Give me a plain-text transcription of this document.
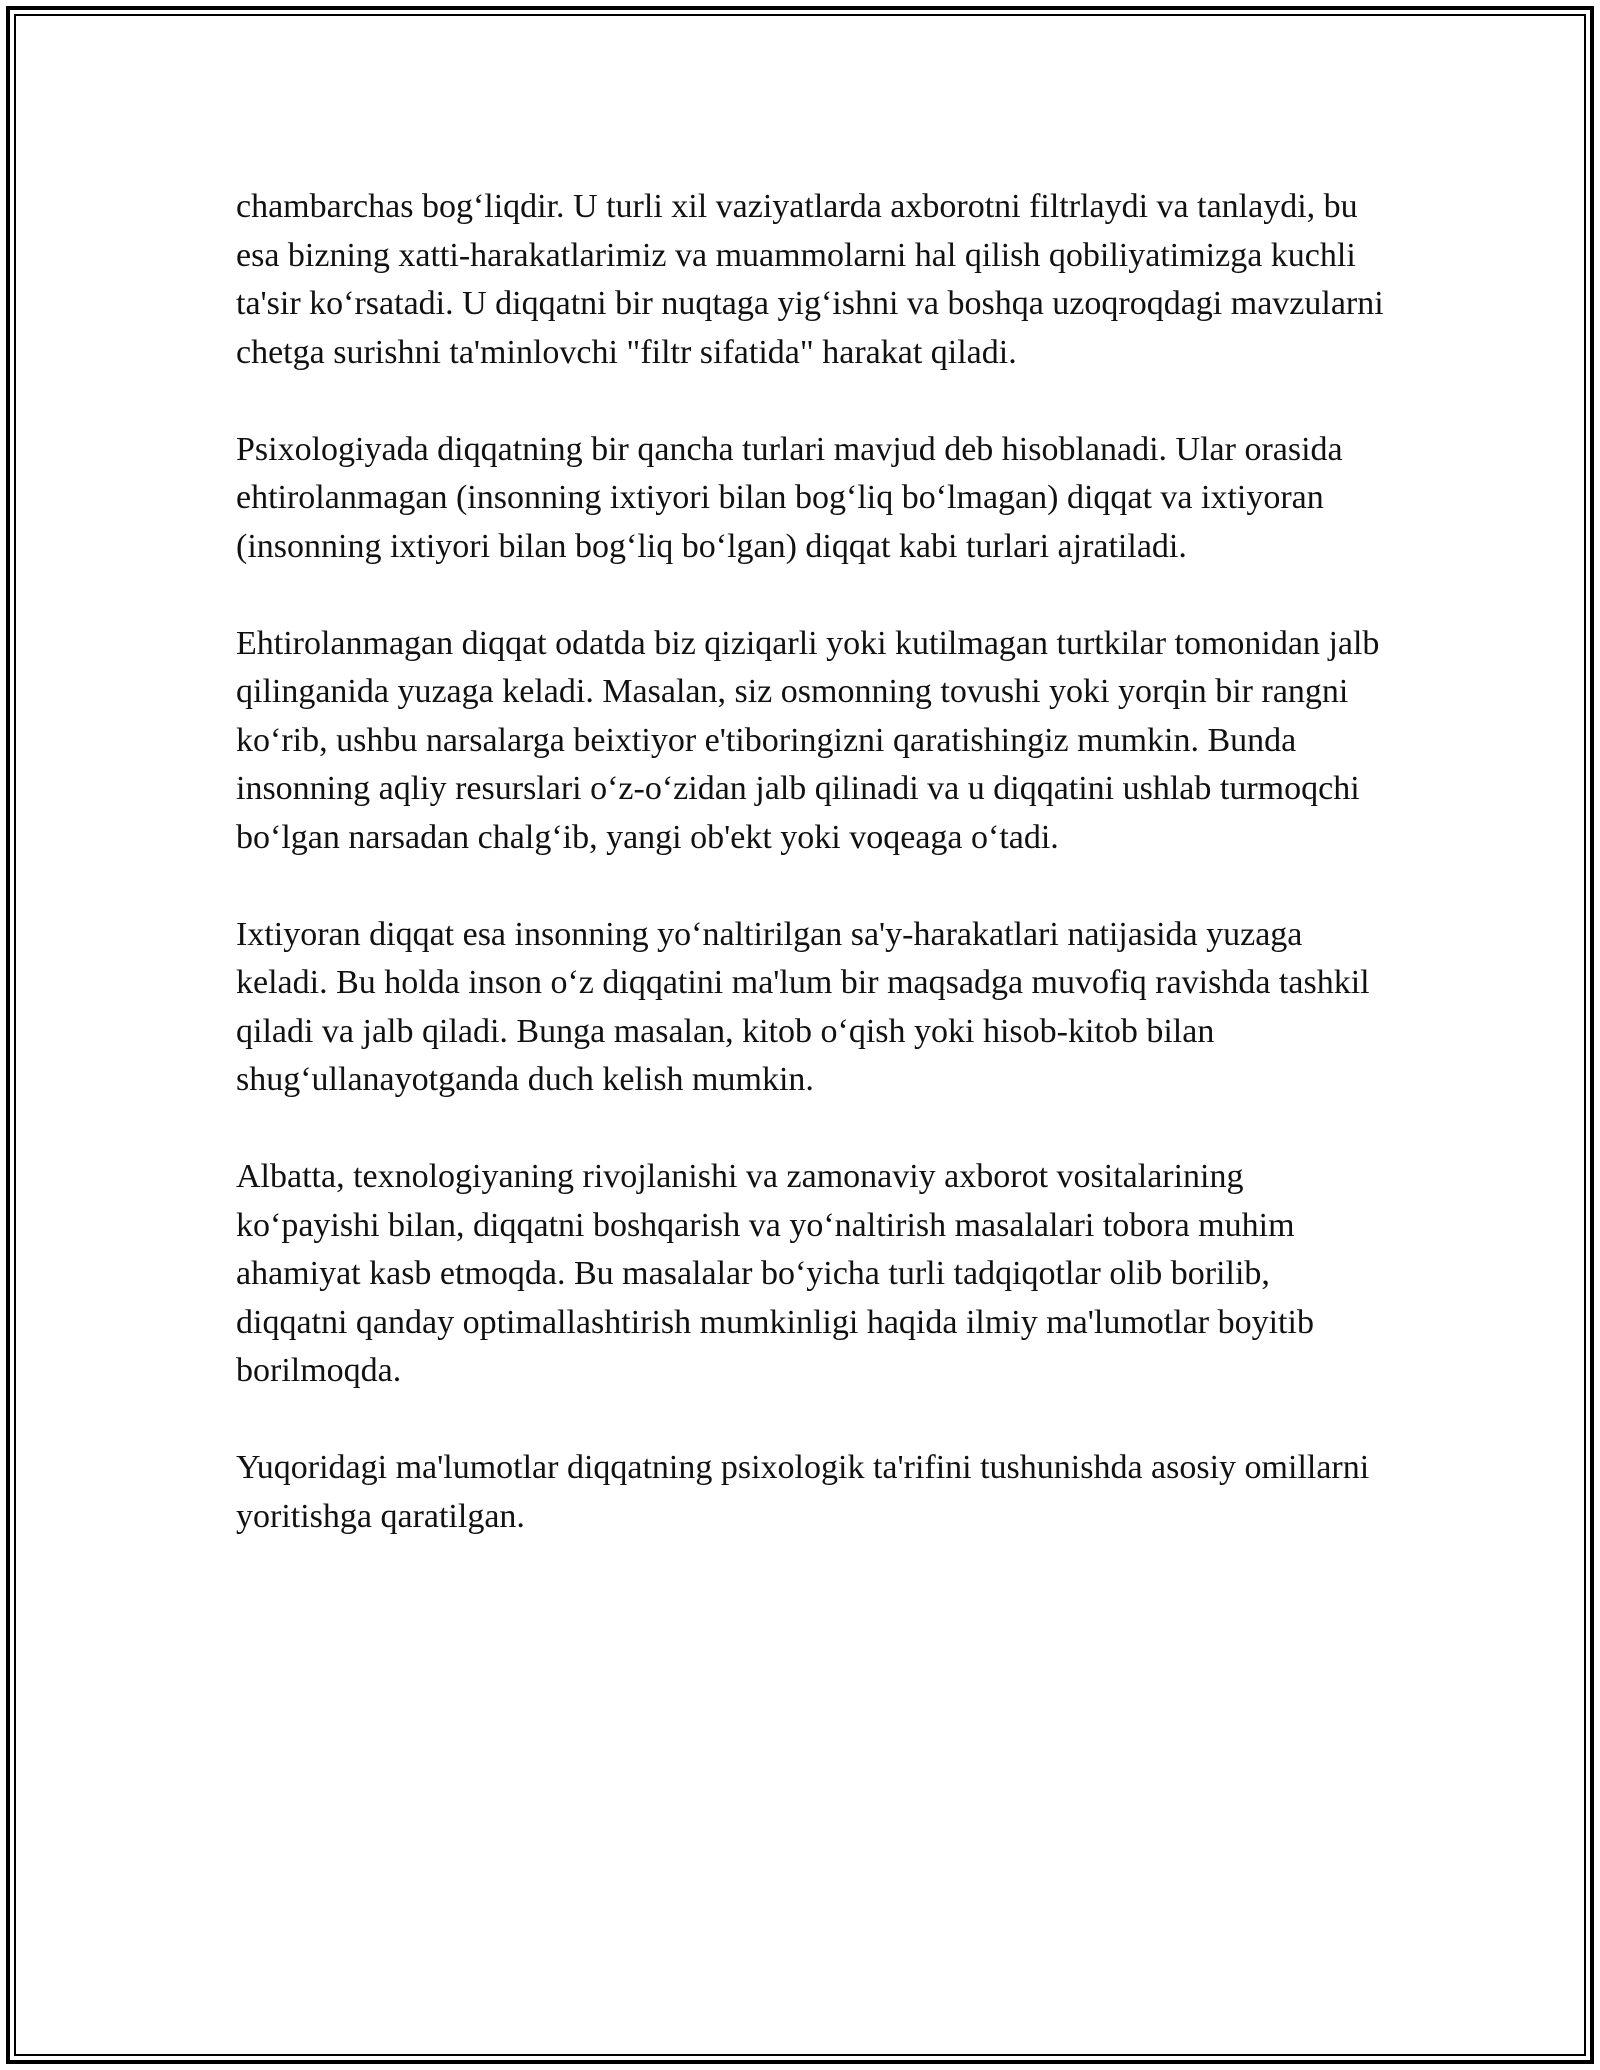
chambarchas bog‘liqdir. U turli xil vaziyatlarda axborotni filtrlaydi va tanlaydi, bu esa bizning xatti-harakatlarimiz va muammolarni hal qilish qobiliyatimizga kuchli ta'sir ko‘rsatadi. U diqqatni bir nuqtaga yig‘ishni va boshqa uzoqroqdagi mavzularni chetga surishni ta'minlovchi "filtr sifatida" harakat qiladi.

Psixologiyada diqqatning bir qancha turlari mavjud deb hisoblanadi. Ular orasida ehtirolanmagan (insonning ixtiyori bilan bog‘liq bo‘lmagan) diqqat va ixtiyoran (insonning ixtiyori bilan bog‘liq bo‘lgan) diqqat kabi turlari ajratiladi.

Ehtirolanmagan diqqat odatda biz qiziqarli yoki kutilmagan turtkilar tomonidan jalb qilinganida yuzaga keladi. Masalan, siz osmonning tovushi yoki yorqin bir rangni ko‘rib, ushbu narsalarga beixtiyor e'tiboringizni qaratishingiz mumkin. Bunda insonning aqliy resurslari o‘z-o‘zidan jalb qilinadi va u diqqatini ushlab turmoqchi bo‘lgan narsadan chalg‘ib, yangi ob'ekt yoki voqeaga o‘tadi.

Ixtiyoran diqqat esa insonning yo‘naltirilgan sa'y-harakatlari natijasida yuzaga keladi. Bu holda inson o‘z diqqatini ma'lum bir maqsadga muvofiq ravishda tashkil qiladi va jalb qiladi. Bunga masalan, kitob o‘qish yoki hisob-kitob bilan shug‘ullanayotganda duch kelish mumkin.

Albatta, texnologiyaning rivojlanishi va zamonaviy axborot vositalarining ko‘payishi bilan, diqqatni boshqarish va yo‘naltirish masalalari tobora muhim ahamiyat kasb etmoqda. Bu masalalar bo‘yicha turli tadqiqotlar olib borilib, diqqatni qanday optimallashtirish mumkinligi haqida ilmiy ma'lumotlar boyitib borilmoqda.

Yuqoridagi ma'lumotlar diqqatning psixologik ta'rifini tushunishda asosiy omillarni yoritishga qaratilgan.
